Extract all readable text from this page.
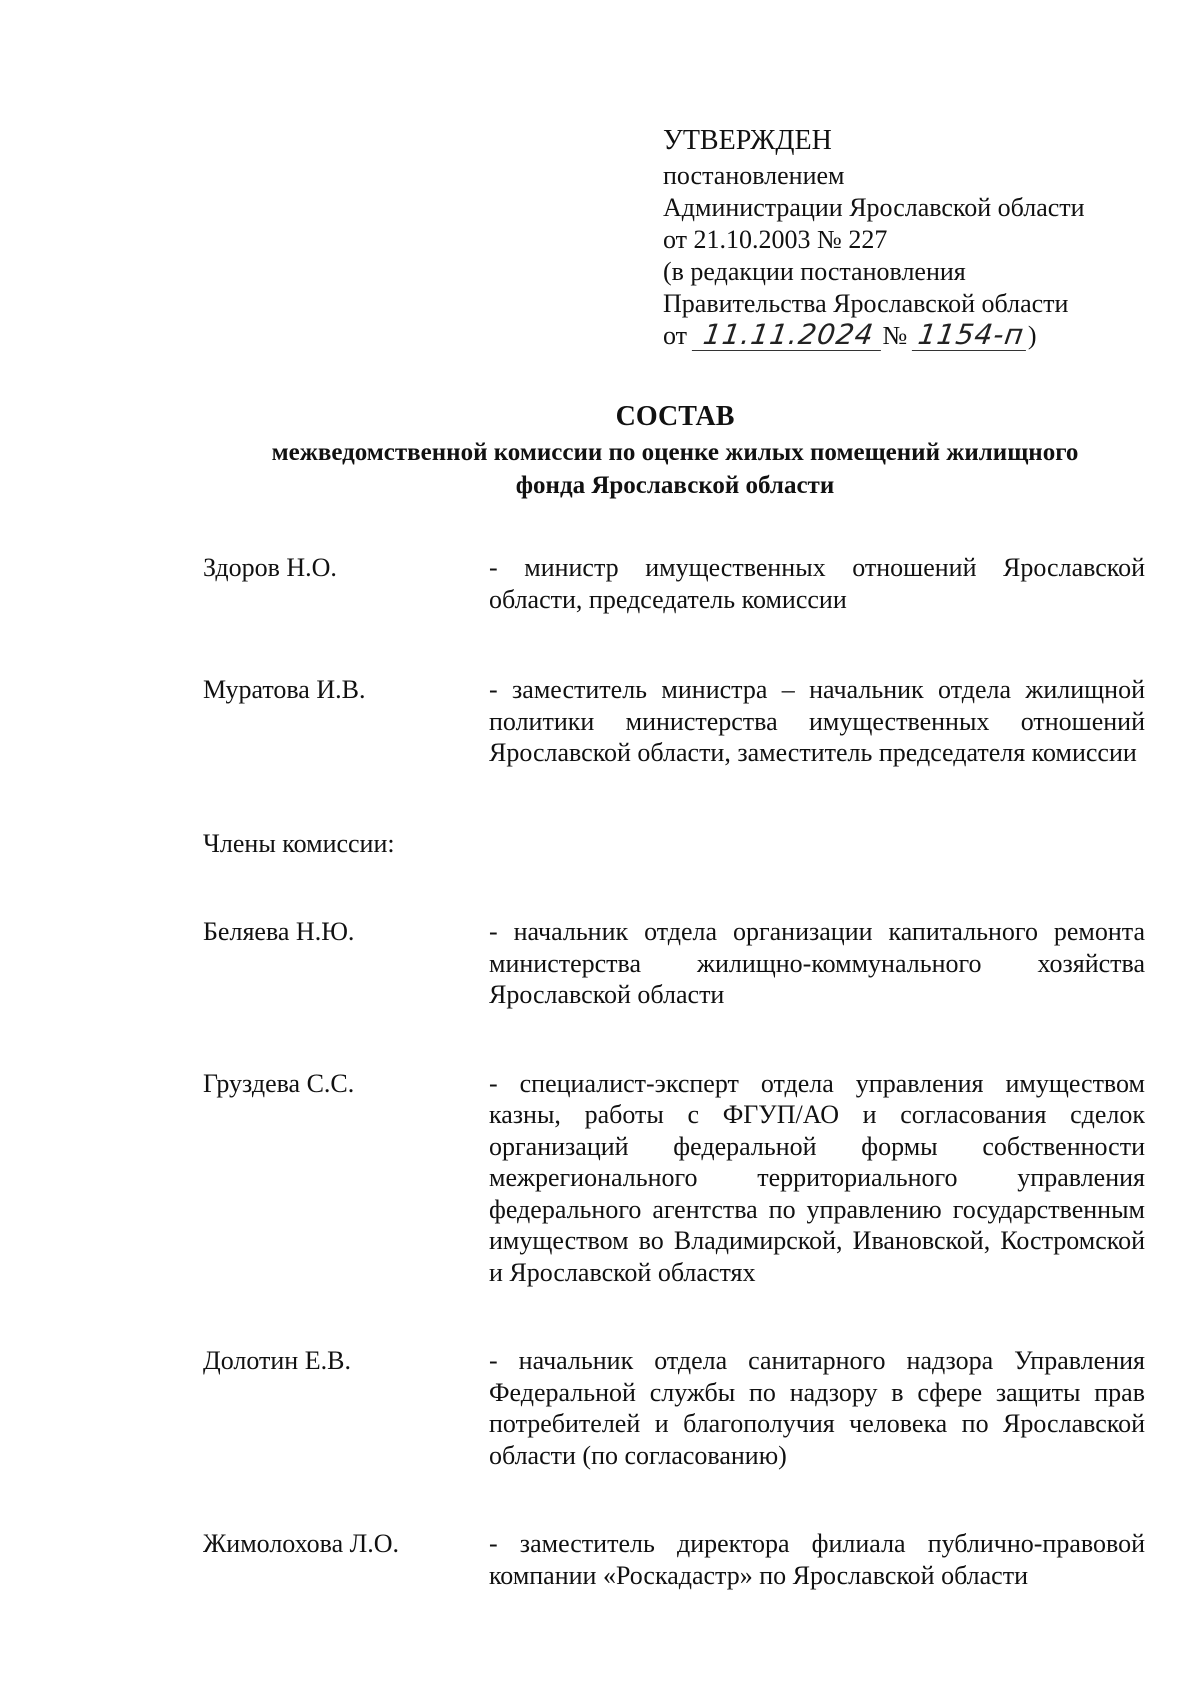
УТВЕРЖДЕН
постановлением
Администрации Ярославской области
от 21.10.2003 № 227
(в редакции постановления
Правительства Ярославской области
от 11.11.2024 № 1154-п)
СОСТАВ
межведомственной комиссии по оценке жилых помещений жилищного
фонда Ярославской области
Здоров Н.О.	- министр имущественных отношений Ярославской области, председатель комиссии
Муратова И.В.	- заместитель министра – начальник отдела жилищной политики министерства имущественных отношений Ярославской области, заместитель председателя комиссии
Члены комиссии:
Беляева Н.Ю.	- начальник отдела организации капитального ремонта министерства жилищно-коммунального хозяйства Ярославской области
Груздева С.С.	- специалист-эксперт отдела управления имуществом казны, работы с ФГУП/АО и согласования сделок организаций федеральной формы собственности межрегионального территориального управления федерального агентства по управлению государственным имуществом во Владимирской, Ивановской, Костромской и Ярославской областях
Долотин Е.В.	- начальник отдела санитарного надзора Управления Федеральной службы по надзору в сфере защиты прав потребителей и благополучия человека по Ярославской области (по согласованию)
Жимолохова Л.О.	- заместитель директора филиала публично-правовой компании «Роскадастр» по Ярославской области
